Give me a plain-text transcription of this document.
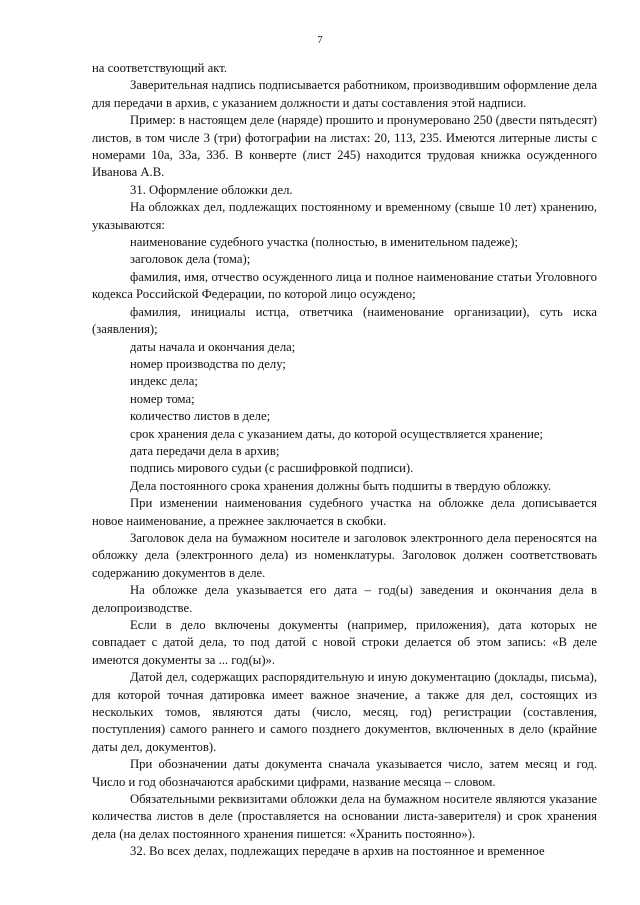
7

на соответствующий акт.

Заверительная надпись подписывается работником, производившим оформление дела для передачи в архив, с указанием должности и даты составления этой надписи.

Пример: в настоящем деле (наряде) прошито и пронумеровано 250 (двести пятьдесят) листов, в том числе 3 (три) фотографии на листах: 20, 113, 235. Имеются литерные листы с номерами 10а, 33а, 33б. В конверте (лист 245) находится трудовая книжка осужденного Иванова А.В.

31. Оформление обложки дел.

На обложках дел, подлежащих постоянному и временному (свыше 10 лет) хранению, указываются:

наименование судебного участка (полностью, в именительном падеже);

заголовок дела (тома);

фамилия, имя, отчество осужденного лица и полное наименование статьи Уголовного кодекса Российской Федерации, по которой лицо осуждено;

фамилия, инициалы истца, ответчика (наименование организации), суть иска (заявления);

даты начала и окончания дела;

номер производства по делу;

индекс дела;

номер тома;

количество листов в деле;

срок хранения дела с указанием даты, до которой осуществляется хранение;

дата передачи дела в архив;

подпись мирового судьи (с расшифровкой подписи).

Дела постоянного срока хранения должны быть подшиты в твердую обложку.

При изменении наименования судебного участка на обложке дела дописывается новое наименование, а прежнее заключается в скобки.

Заголовок дела на бумажном носителе и заголовок электронного дела переносятся на обложку дела (электронного дела) из номенклатуры. Заголовок должен соответствовать содержанию документов в деле.

На обложке дела указывается его дата – год(ы) заведения и окончания дела в делопроизводстве.

Если в дело включены документы (например, приложения), дата которых не совпадает с датой дела, то под датой с новой строки делается об этом запись: «В деле имеются документы за ... год(ы)».

Датой дел, содержащих распорядительную и иную документацию (доклады, письма), для которой точная датировка имеет важное значение, а также для дел, состоящих из нескольких томов, являются даты (число, месяц, год) регистрации (составления, поступления) самого раннего и самого позднего документов, включенных в дело (крайние даты дел, документов).

При обозначении даты документа сначала указывается число, затем месяц и год. Число и год обозначаются арабскими цифрами, название месяца – словом.

Обязательными реквизитами обложки дела на бумажном носителе являются указание количества листов в деле (проставляется на основании листа-заверителя) и срок хранения дела (на делах постоянного хранения пишется: «Хранить постоянно»).

32. Во всех делах, подлежащих передаче в архив на постоянное и временное
